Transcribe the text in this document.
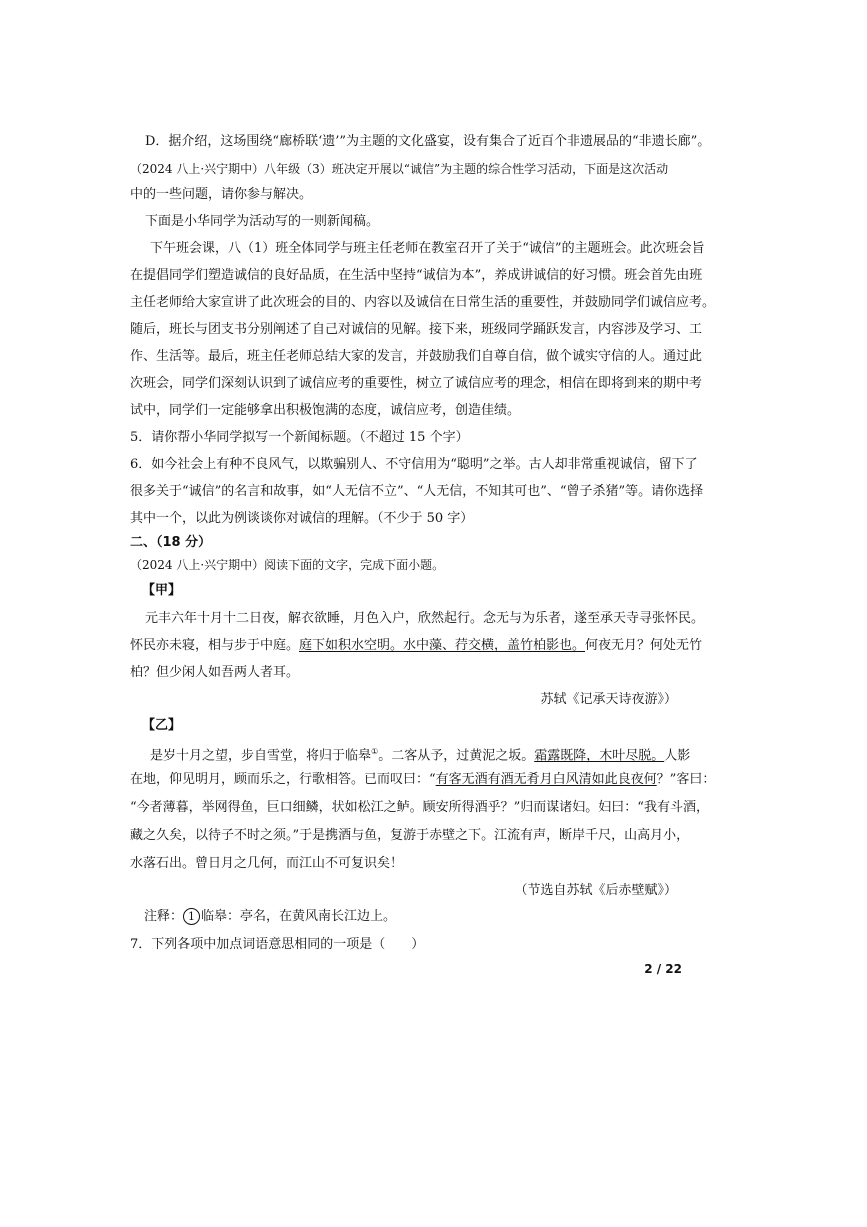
D．据介绍，这场围绕“廊桥联‘遗’”为主题的文化盛宴，设有集合了近百个非遗展品的“非遗长廊”。
（2024 八上·兴宁期中）八年级（3）班决定开展以“诚信”为主题的综合性学习活动，下面是这次活动
中的一些问题，请你参与解决。
下面是小华同学为活动写的一则新闻稿。
下午班会课，八（1）班全体同学与班主任老师在教室召开了关于“诚信”的主题班会。此次班会旨
在提倡同学们塑造诚信的良好品质，在生活中坚持“诚信为本”，养成讲诚信的好习惯。班会首先由班
主任老师给大家宣讲了此次班会的目的、内容以及诚信在日常生活的重要性，并鼓励同学们诚信应考。
随后，班长与团支书分别阐述了自己对诚信的见解。接下来，班级同学踊跃发言，内容涉及学习、工
作、生活等。最后，班主任老师总结大家的发言，并鼓励我们自尊自信，做个诚实守信的人。通过此
次班会，同学们深刻认识到了诚信应考的重要性，树立了诚信应考的理念，相信在即将到来的期中考
试中，同学们一定能够拿出积极饱满的态度，诚信应考，创造佳绩。
5．请你帮小华同学拟写一个新闻标题。（不超过 15 个字）
6．如今社会上有种不良风气，以欺骗别人、不守信用为“聪明”之举。古人却非常重视诚信，留下了
很多关于“诚信”的名言和故事，如“人无信不立”、“人无信，不知其可也”、“曾子杀猪”等。请你选择
其中一个，以此为例谈谈你对诚信的理解。（不少于 50 字）
二、（18 分）
（2024 八上·兴宁期中）阅读下面的文字，完成下面小题。
【甲】
元丰六年十月十二日夜，解衣欲睡，月色入户，欣然起行。念无与为乐者，遂至承天寺寻张怀民。
怀民亦未寝，相与步于中庭。庭下如积水空明。水中藻、荇交横，盖竹柏影也。何夜无月？何处无竹
柏？但少闲人如吾两人者耳。
苏轼《记承天诗夜游》）
【乙】
是岁十月之望，步自雪堂，将归于临皋①。二客从予，过黄泥之坂。霜露既降，木叶尽脱。人影
在地，仰见明月，顾而乐之，行歌相答。已而叹曰：“有客无酒有酒无肴月白风清如此良夜何？”客曰：
“今者薄暮，举网得鱼，巨口细鳞，状如松江之鲈。顾安所得酒乎？”归而谋诸妇。妇曰：“我有斗酒，
藏之久矣，以待子不时之须。”于是携酒与鱼，复游于赤壁之下。江流有声，断岸千尺，山高月小，
水落石出。曾日月之几何，而江山不可复识矣！
（节选自苏轼《后赤壁赋》）
注释： 1 临皋：亭名，在黄风南长江边上。
7．下列各项中加点词语意思相同的一项是（　　）
2 / 22
